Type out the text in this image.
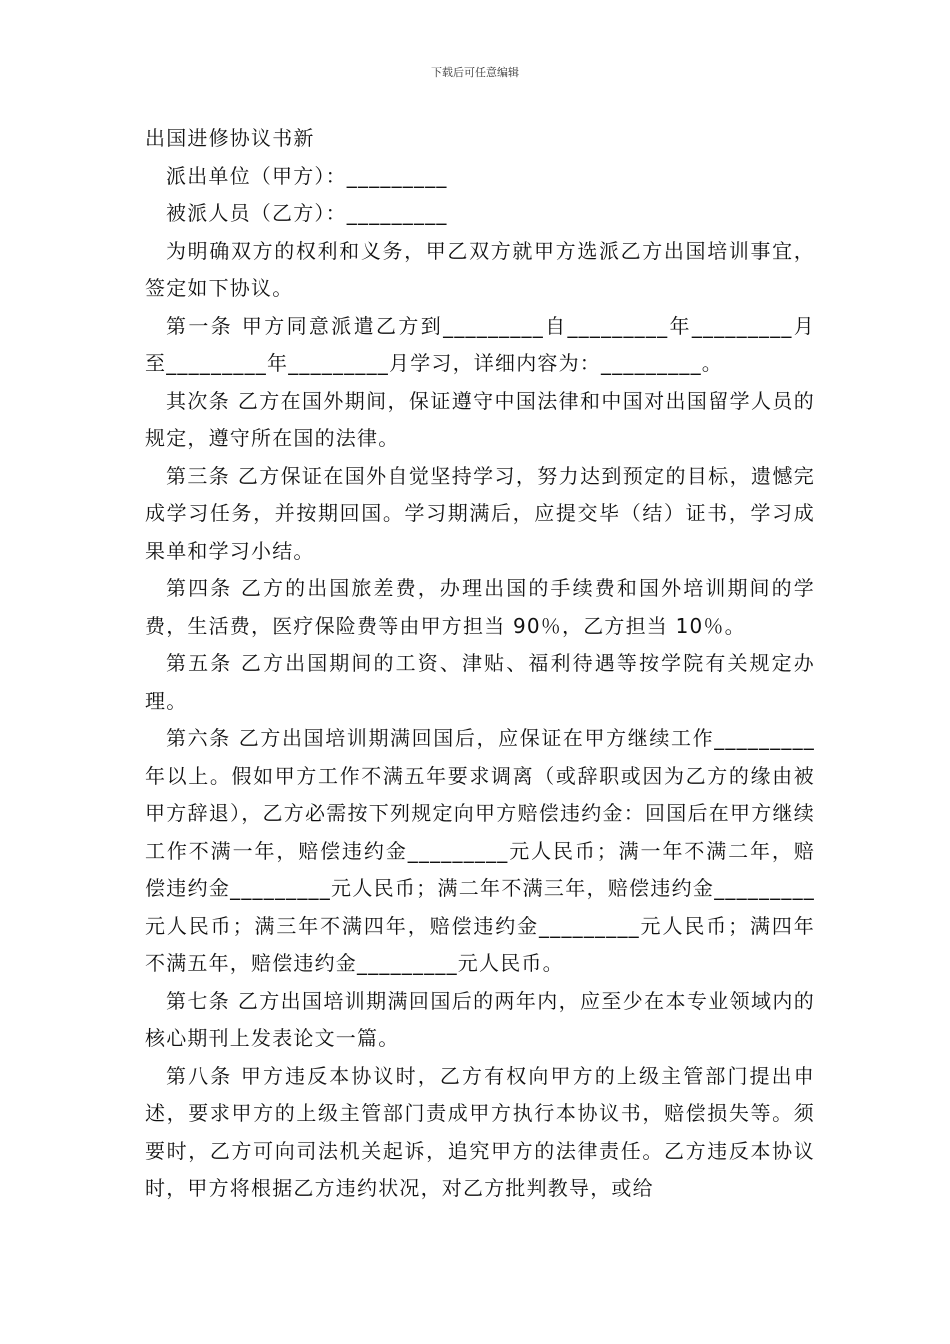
下载后可任意编辑

出国进修协议书新

派出单位（甲方）：_________

被派人员（乙方）：_________

为明确双方的权利和义务，甲乙双方就甲方选派乙方出国培训事宜，签定如下协议。

第一条 甲方同意派遣乙方到_________自_________年_________月至_________年_________月学习，详细内容为：_________。

其次条 乙方在国外期间，保证遵守中国法律和中国对出国留学人员的规定，遵守所在国的法律。

第三条 乙方保证在国外自觉坚持学习，努力达到预定的目标，遗憾完成学习任务，并按期回国。学习期满后，应提交毕（结）证书，学习成果单和学习小结。

第四条 乙方的出国旅差费，办理出国的手续费和国外培训期间的学费，生活费，医疗保险费等由甲方担当 90％，乙方担当 10％。

第五条 乙方出国期间的工资、津贴、福利待遇等按学院有关规定办理。

第六条 乙方出国培训期满回国后，应保证在甲方继续工作_________年以上。假如甲方工作不满五年要求调离（或辞职或因为乙方的缘由被甲方辞退），乙方必需按下列规定向甲方赔偿违约金：回国后在甲方继续工作不满一年，赔偿违约金_________元人民币；满一年不满二年，赔偿违约金_________元人民币；满二年不满三年，赔偿违约金_________元人民币；满三年不满四年，赔偿违约金_________元人民币；满四年不满五年，赔偿违约金_________元人民币。

第七条 乙方出国培训期满回国后的两年内，应至少在本专业领域内的核心期刊上发表论文一篇。

第八条 甲方违反本协议时，乙方有权向甲方的上级主管部门提出申述，要求甲方的上级主管部门责成甲方执行本协议书，赔偿损失等。须要时，乙方可向司法机关起诉，追究甲方的法律责任。乙方违反本协议时，甲方将根据乙方违约状况，对乙方批判教导，或给
